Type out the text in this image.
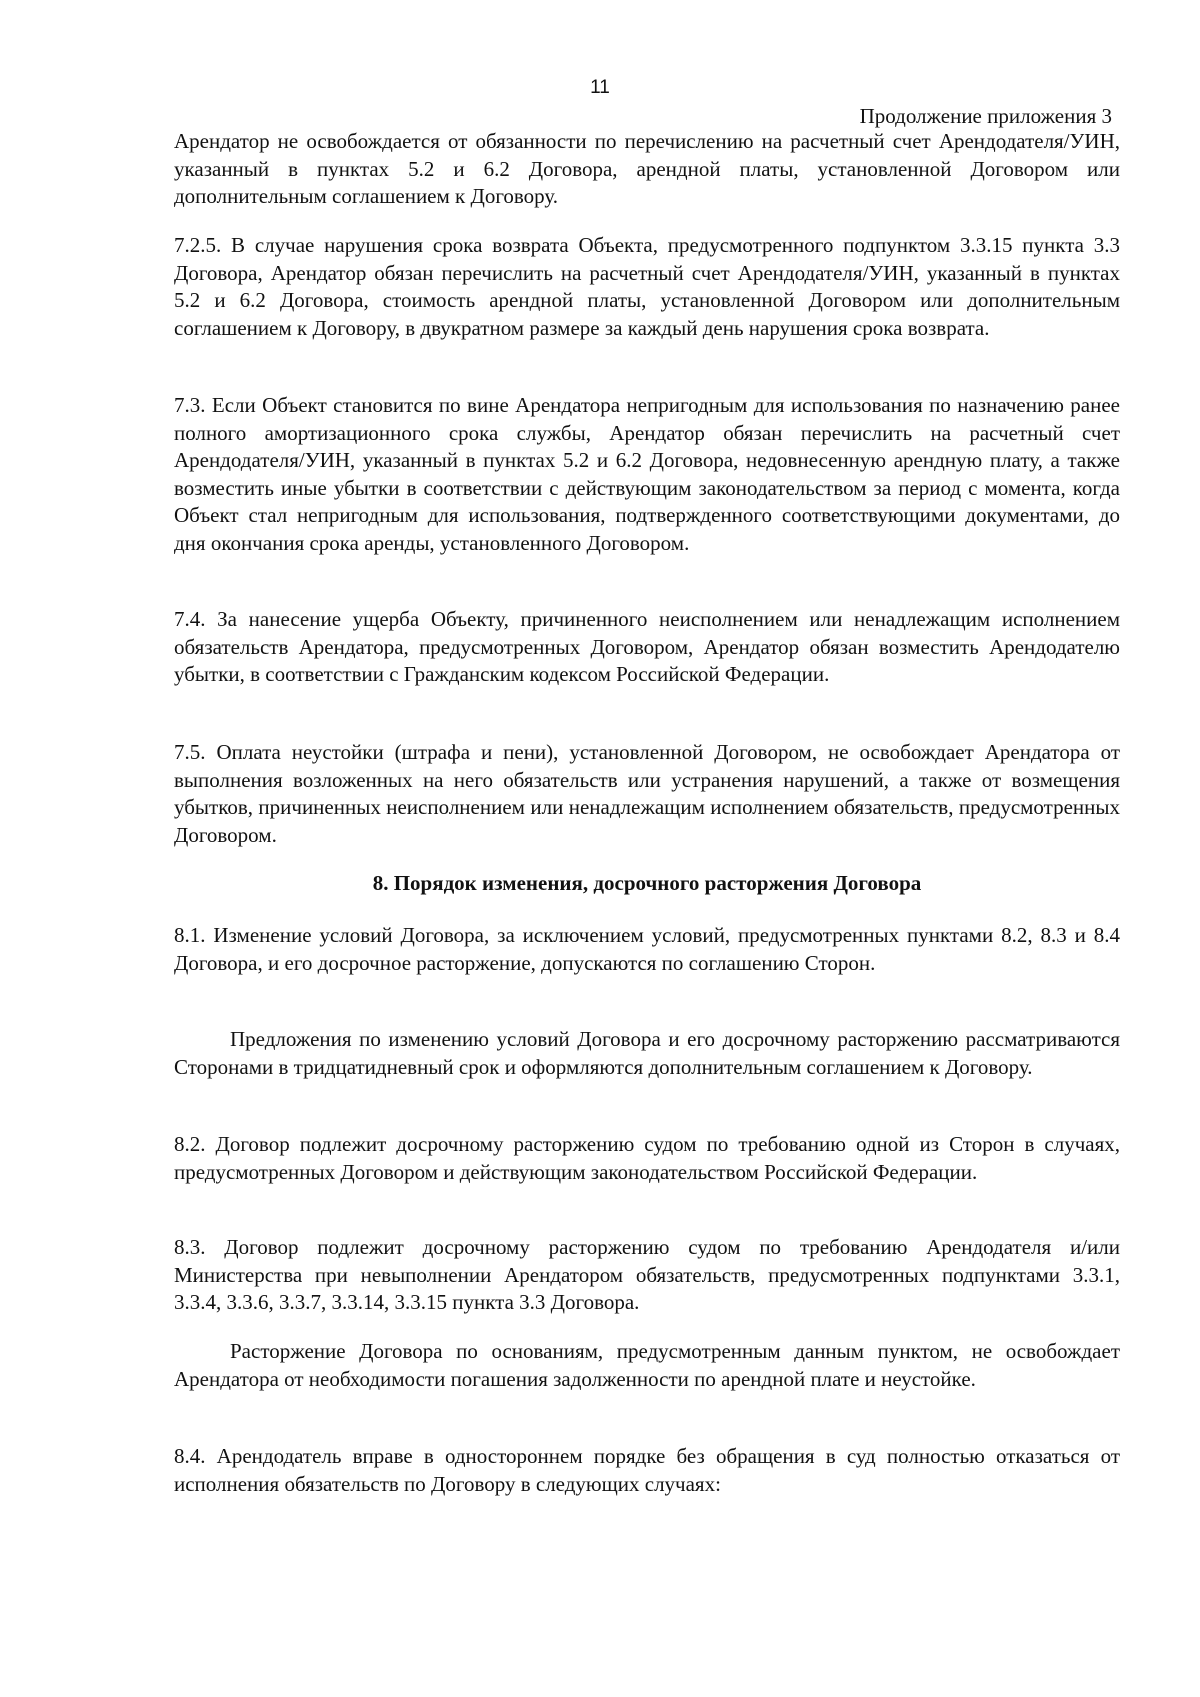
11
Продолжение приложения 3
Арендатор не освобождается от обязанности по перечислению на расчетный счет Арендодателя/УИН, указанный в пунктах 5.2 и 6.2 Договора, арендной платы, установленной Договором или дополнительным соглашением к Договору.
7.2.5. В случае нарушения срока возврата Объекта, предусмотренного подпунктом 3.3.15 пункта 3.3 Договора, Арендатор обязан перечислить на расчетный счет Арендодателя/УИН, указанный в пунктах 5.2 и 6.2 Договора, стоимость арендной платы, установленной Договором или дополнительным соглашением к Договору, в двукратном размере за каждый день нарушения срока возврата.
7.3. Если Объект становится по вине Арендатора непригодным для использования по назначению ранее полного амортизационного срока службы, Арендатор обязан перечислить на расчетный счет Арендодателя/УИН, указанный в пунктах 5.2 и 6.2 Договора, недовнесенную арендную плату, а также возместить иные убытки в соответствии с действующим законодательством за период с момента, когда Объект стал непригодным для использования, подтвержденного соответствующими документами, до дня окончания срока аренды, установленного Договором.
7.4. За нанесение ущерба Объекту, причиненного неисполнением или ненадлежащим исполнением обязательств Арендатора, предусмотренных Договором, Арендатор обязан возместить Арендодателю убытки, в соответствии с Гражданским кодексом Российской Федерации.
7.5. Оплата неустойки (штрафа и пени), установленной Договором, не освобождает Арендатора от выполнения возложенных на него обязательств или устранения нарушений, а также от возмещения убытков, причиненных неисполнением или ненадлежащим исполнением обязательств, предусмотренных Договором.
8. Порядок изменения, досрочного расторжения Договора
8.1. Изменение условий Договора, за исключением условий, предусмотренных пунктами 8.2, 8.3 и 8.4 Договора, и его досрочное расторжение, допускаются по соглашению Сторон.
Предложения по изменению условий Договора и его досрочному расторжению рассматриваются Сторонами в тридцатидневный срок и оформляются дополнительным соглашением к Договору.
8.2. Договор подлежит досрочному расторжению судом по требованию одной из Сторон в случаях, предусмотренных Договором и действующим законодательством Российской Федерации.
8.3. Договор подлежит досрочному расторжению судом по требованию Арендодателя и/или Министерства при невыполнении Арендатором обязательств, предусмотренных подпунктами 3.3.1, 3.3.4, 3.3.6, 3.3.7, 3.3.14, 3.3.15 пункта 3.3 Договора.
Расторжение Договора по основаниям, предусмотренным данным пунктом, не освобождает Арендатора от необходимости погашения задолженности по арендной плате и неустойке.
8.4. Арендодатель вправе в одностороннем порядке без обращения в суд полностью отказаться от исполнения обязательств по Договору в следующих случаях:
